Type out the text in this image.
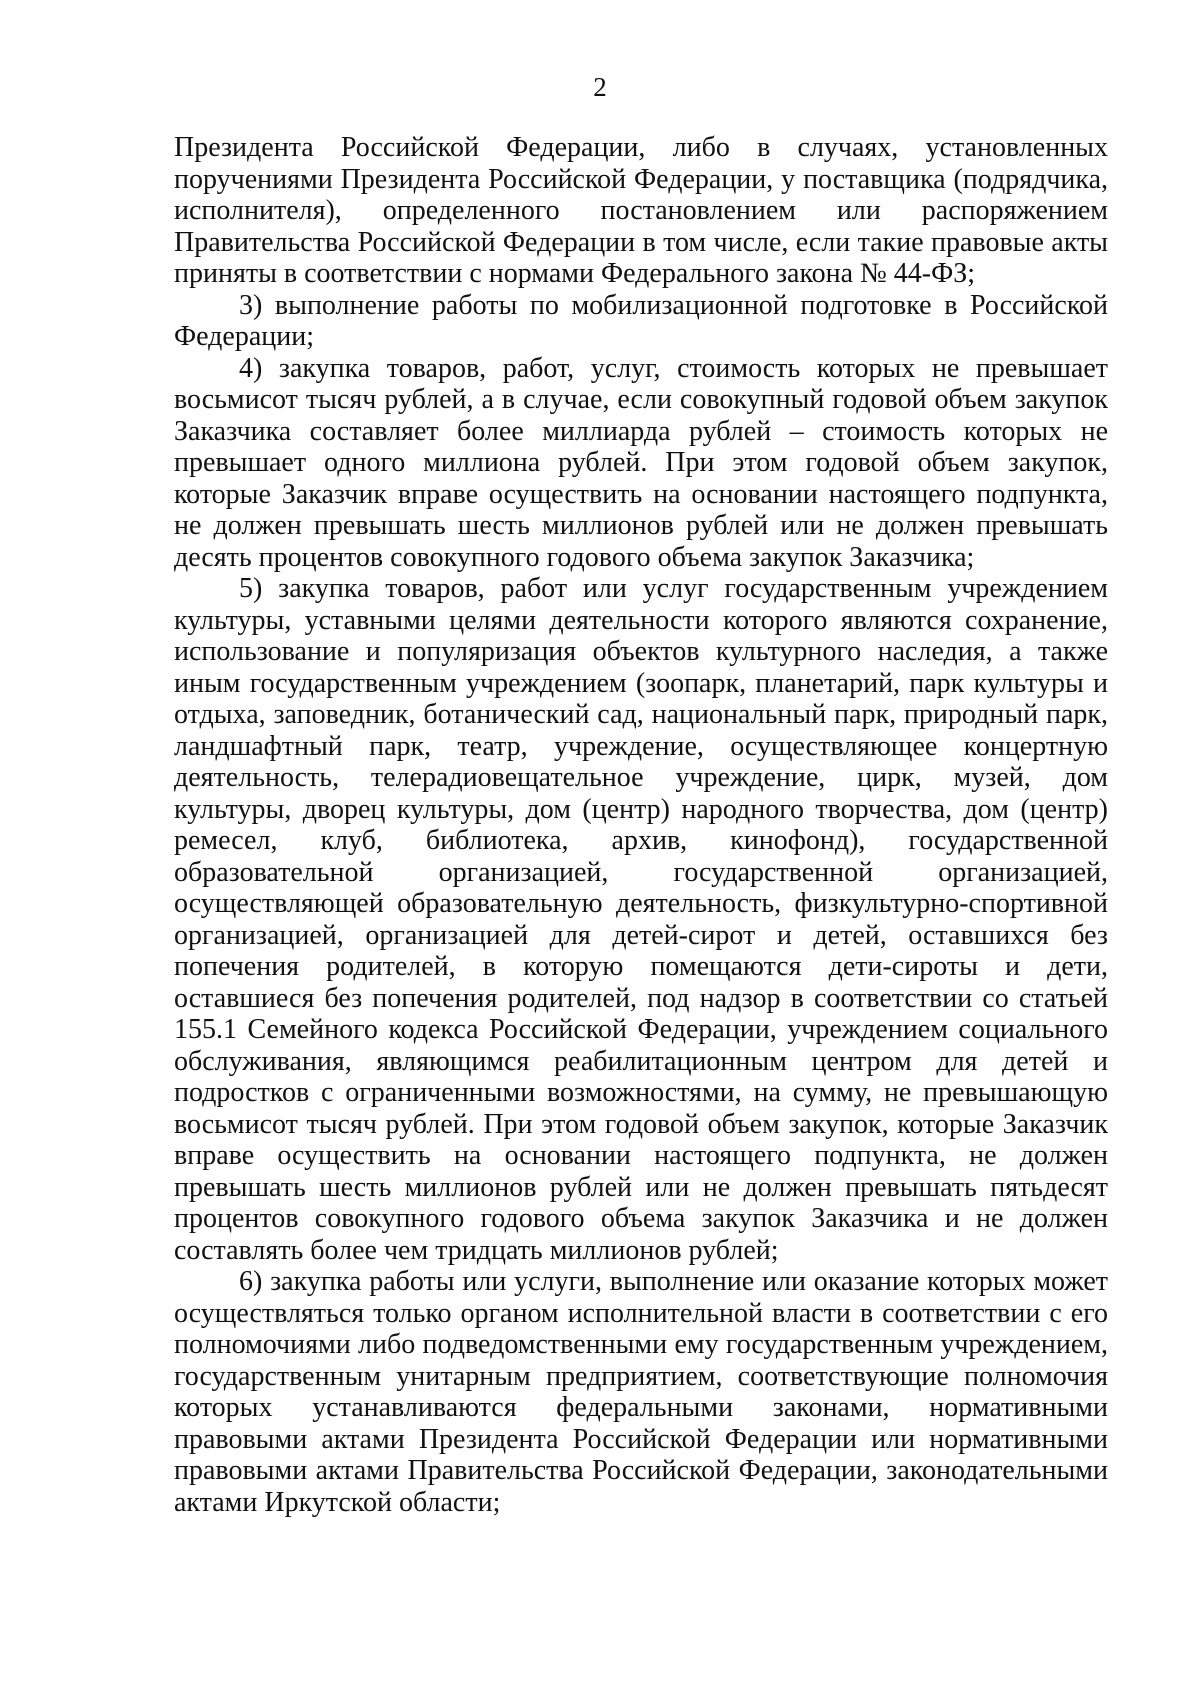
2

Президента Российской Федерации, либо в случаях, установленных поручениями Президента Российской Федерации, у поставщика (подрядчика, исполнителя), определенного постановлением или распоряжением Правительства Российской Федерации в том числе, если такие правовые акты приняты в соответствии с нормами Федерального закона № 44-ФЗ;

3) выполнение работы по мобилизационной подготовке в Российской Федерации;

4) закупка товаров, работ, услуг, стоимость которых не превышает восьмисот тысяч рублей, а в случае, если совокупный годовой объем закупок Заказчика составляет более миллиарда рублей – стоимость которых не превышает одного миллиона рублей. При этом годовой объем закупок, которые Заказчик вправе осуществить на основании настоящего подпункта, не должен превышать шесть миллионов рублей или не должен превышать десять процентов совокупного годового объема закупок Заказчика;

5) закупка товаров, работ или услуг государственным учреждением культуры, уставными целями деятельности которого являются сохранение, использование и популяризация объектов культурного наследия, а также иным государственным учреждением (зоопарк, планетарий, парк культуры и отдыха, заповедник, ботанический сад, национальный парк, природный парк, ландшафтный парк, театр, учреждение, осуществляющее концертную деятельность, телерадиовещательное учреждение, цирк, музей, дом культуры, дворец культуры, дом (центр) народного творчества, дом (центр) ремесел, клуб, библиотека, архив, кинофонд), государственной образовательной организацией, государственной организацией, осуществляющей образовательную деятельность, физкультурно-спортивной организацией, организацией для детей-сирот и детей, оставшихся без попечения родителей, в которую помещаются дети-сироты и дети, оставшиеся без попечения родителей, под надзор в соответствии со статьей 155.1 Семейного кодекса Российской Федерации, учреждением социального обслуживания, являющимся реабилитационным центром для детей и подростков с ограниченными возможностями, на сумму, не превышающую восьмисот тысяч рублей. При этом годовой объем закупок, которые Заказчик вправе осуществить на основании настоящего подпункта, не должен превышать шесть миллионов рублей или не должен превышать пятьдесят процентов совокупного годового объема закупок Заказчика и не должен составлять более чем тридцать миллионов рублей;

6) закупка работы или услуги, выполнение или оказание которых может осуществляться только органом исполнительной власти в соответствии с его полномочиями либо подведомственными ему государственным учреждением, государственным унитарным предприятием, соответствующие полномочия которых устанавливаются федеральными законами, нормативными правовыми актами Президента Российской Федерации или нормативными правовыми актами Правительства Российской Федерации, законодательными актами Иркутской области;
